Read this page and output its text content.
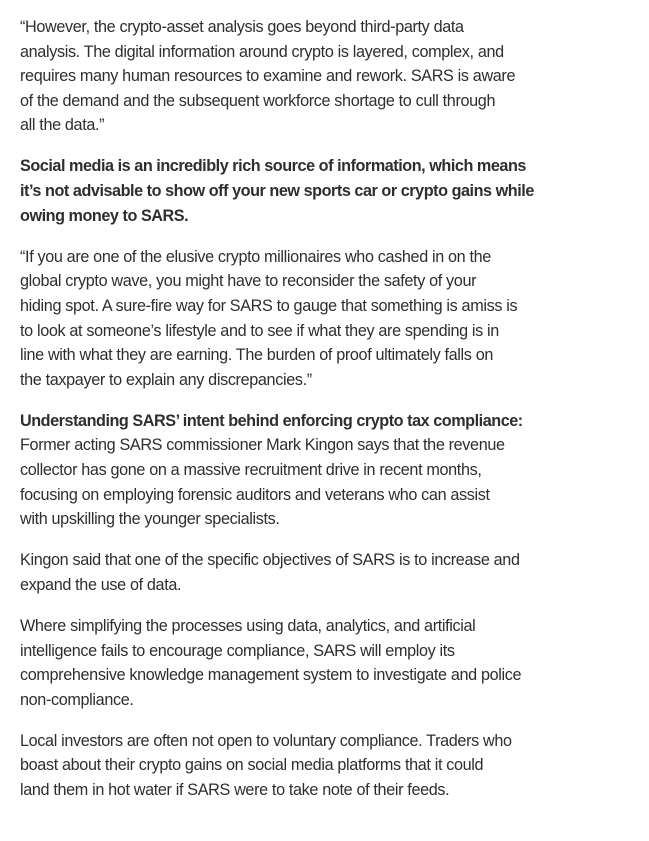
“However, the crypto-asset analysis goes beyond third-party data
analysis. The digital information around crypto is layered, complex, and
requires many human resources to examine and rework. SARS is aware
of the demand and the subsequent workforce shortage to cull through
all the data.”

Social media is an incredibly rich source of information, which means
it’s not advisable to show off your new sports car or crypto gains while
owing money to SARS.

“If you are one of the elusive crypto millionaires who cashed in on the
global crypto wave, you might have to reconsider the safety of your
hiding spot. A sure-fire way for SARS to gauge that something is amiss is
to look at someone’s lifestyle and to see if what they are spending is in
line with what they are earning. The burden of proof ultimately falls on
the taxpayer to explain any discrepancies.”

Understanding SARS’ intent behind enforcing crypto tax compliance:
Former acting SARS commissioner Mark Kingon says that the revenue
collector has gone on a massive recruitment drive in recent months,
focusing on employing forensic auditors and veterans who can assist
with upskilling the younger specialists.

Kingon said that one of the specific objectives of SARS is to increase and
expand the use of data.

Where simplifying the processes using data, analytics, and artificial
intelligence fails to encourage compliance, SARS will employ its
comprehensive knowledge management system to investigate and police
non-compliance.

Local investors are often not open to voluntary compliance. Traders who
boast about their crypto gains on social media platforms that it could
land them in hot water if SARS were to take note of their feeds.
